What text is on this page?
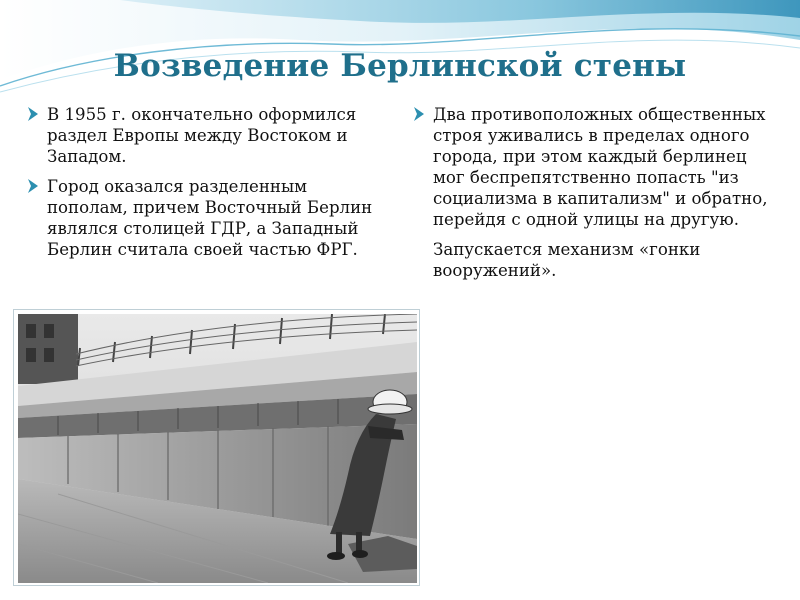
Возведение Берлинской стены
В 1955 г. окончательно оформился раздел Европы между Востоком и Западом.
Город оказался разделенным пополам, причем Восточный Берлин являлся столицей ГДР, а Западный Берлин считала своей частью ФРГ.
Два противоположных общественных строя уживались в пределах одного города, при этом каждый берлинец мог беспрепятственно попасть "из социализма в капитализм" и обратно, перейдя с одной улицы на другую.

Запускается механизм «гонки вооружений».
